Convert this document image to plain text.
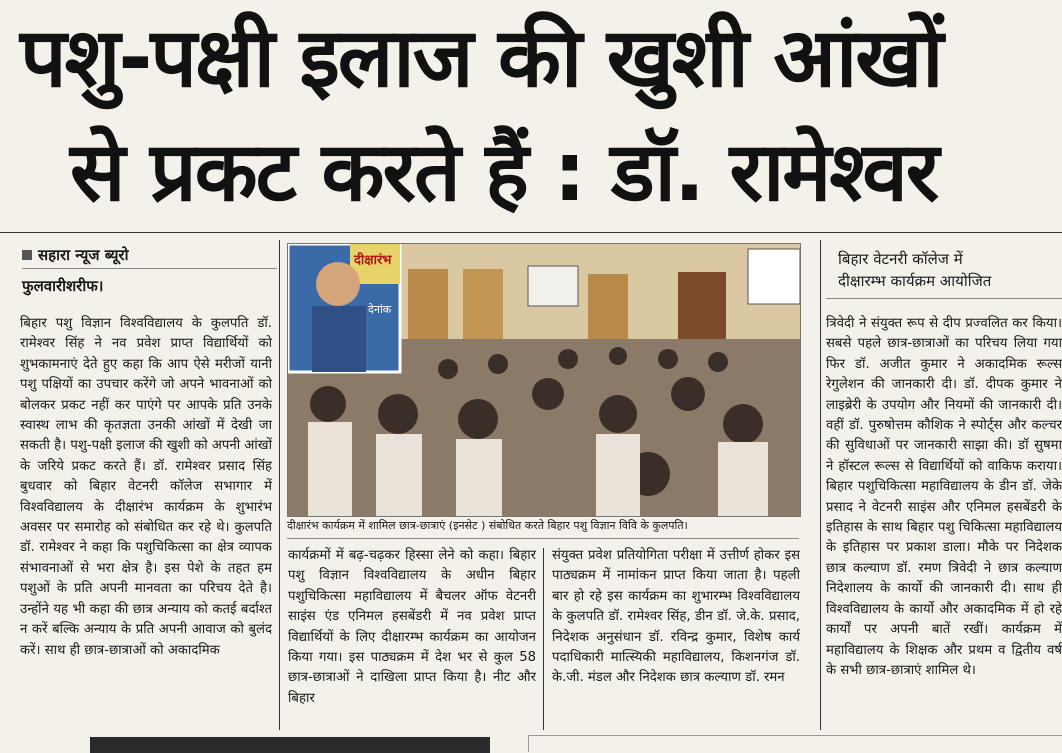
पशु-पक्षी इलाज की खुशी आंखों
से प्रकट करते हैं : डॉ. रामेश्वर
सहारा न्यूज ब्यूरो
फुलवारीशरीफ।

बिहार पशु विज्ञान विश्वविद्यालय के कुलपति डॉ. रामेश्वर सिंह ने नव प्रवेश प्राप्त विद्यार्थियों को शुभकामनाएं देते हुए कहा कि आप ऐसे मरीजों यानी पशु पक्षियों का उपचार करेंगे जो अपने भावनाओं को बोलकर प्रकट नहीं कर पाएंगे पर आपके प्रति उनके स्वास्थ लाभ की कृतज्ञता उनकी आंखों में देखी जा सकती है। पशु-पक्षी इलाज की खुशी को अपनी आंखों के जरिये प्रकट करते हैं। डॉ. रामेश्वर प्रसाद सिंह बुधवार को बिहार वेटनरी कॉलेज सभागार में विश्वविद्यालय के दीक्षारंभ कार्यक्रम के शुभारंभ अवसर पर समारोह को संबोधित कर रहे थे। कुलपति डॉ. रामेश्वर ने कहा कि पशुचिकित्सा का क्षेत्र व्यापक संभावनाओं से भरा क्षेत्र है। इस पेशे के तहत हम पशुओं के प्रति अपनी मानवता का परिचय देते है। उन्होंने यह भी कहा की छात्र अन्याय को कतई बर्दाश्त न करें बल्कि अन्याय के प्रति अपनी आवाज को बुलंद करें। साथ ही छात्र-छात्राओं को अकादमिक

दीक्षारंभ
देनांक
दीक्षारंभ कार्यक्रम में शामिल छात्र-छात्राएं (इनसेट ) संबोधित करते बिहार पशु विज्ञान विवि के कुलपति।

कार्यक्रमों में बढ़-चढ़कर हिस्सा लेने को कहा। बिहार पशु विज्ञान विश्वविद्यालय के अधीन बिहार पशुचिकित्सा महाविद्यालय में बैचलर ऑफ वेटनरी साइंस एंड एनिमल हसबेंडरी में नव प्रवेश प्राप्त विद्यार्थियों के लिए दीक्षारम्भ कार्यक्रम का आयोजन किया गया। इस पाठ्यक्रम में देश भर से कुल 58 छात्र-छात्राओं ने दाखिला प्राप्त किया है। नीट और बिहार

संयुक्त प्रवेश प्रतियोगिता परीक्षा में उत्तीर्ण होकर इस पाठ्यक्रम में नामांकन प्राप्त किया जाता है। पहली बार हो रहे इस कार्यक्रम का शुभारम्भ विश्वविद्यालय के कुलपति डॉ. रामेश्वर सिंह, डीन डॉ. जे.के. प्रसाद, निदेशक अनुसंधान डॉ. रविन्द्र कुमार, विशेष कार्य पदाधिकारी मात्स्यिकी महाविद्यालय, किशनगंज डॉ. के.जी. मंडल और निदेशक छात्र कल्याण डॉ. रमन

बिहार वेटनरी कॉलेज में
दीक्षारम्भ कार्यक्रम आयोजित

त्रिवेदी ने संयुक्त रूप से दीप प्रज्वलित कर किया। सबसे पहले छात्र-छात्राओं का परिचय लिया गया फिर डॉ. अजीत कुमार ने अकादमिक रूल्स रेगुलेशन की जानकारी दी। डॉ. दीपक कुमार ने लाइब्रेरी के उपयोग और नियमों की जानकारी दी। वहीं डॉ. पुरुषोत्तम कौशिक ने स्पोर्ट्स और कल्चर की सुविधाओं पर जानकारी साझा की। डॉ सुषमा ने हॉस्टल रूल्स से विद्यार्थियों को वाकिफ कराया। बिहार पशुचिकित्सा महाविद्यालय के डीन डॉ. जेके प्रसाद ने वेटनरी साइंस और एनिमल हसबेंडरी के इतिहास के साथ बिहार पशु चिकित्सा महाविद्यालय के इतिहास पर प्रकाश डाला। मौके पर निदेशक छात्र कल्याण डॉ. रमण त्रिवेदी ने छात्र कल्याण निदेशालय के कार्यो की जानकारी दी। साथ ही विश्वविद्यालय के कार्यो और अकादमिक में हो रहे कार्यों पर अपनी बातें रखीं। कार्यक्रम में महाविद्यालय के शिक्षक और प्रथम व द्वितीय वर्ष के सभी छात्र-छात्राएं शामिल थे।
